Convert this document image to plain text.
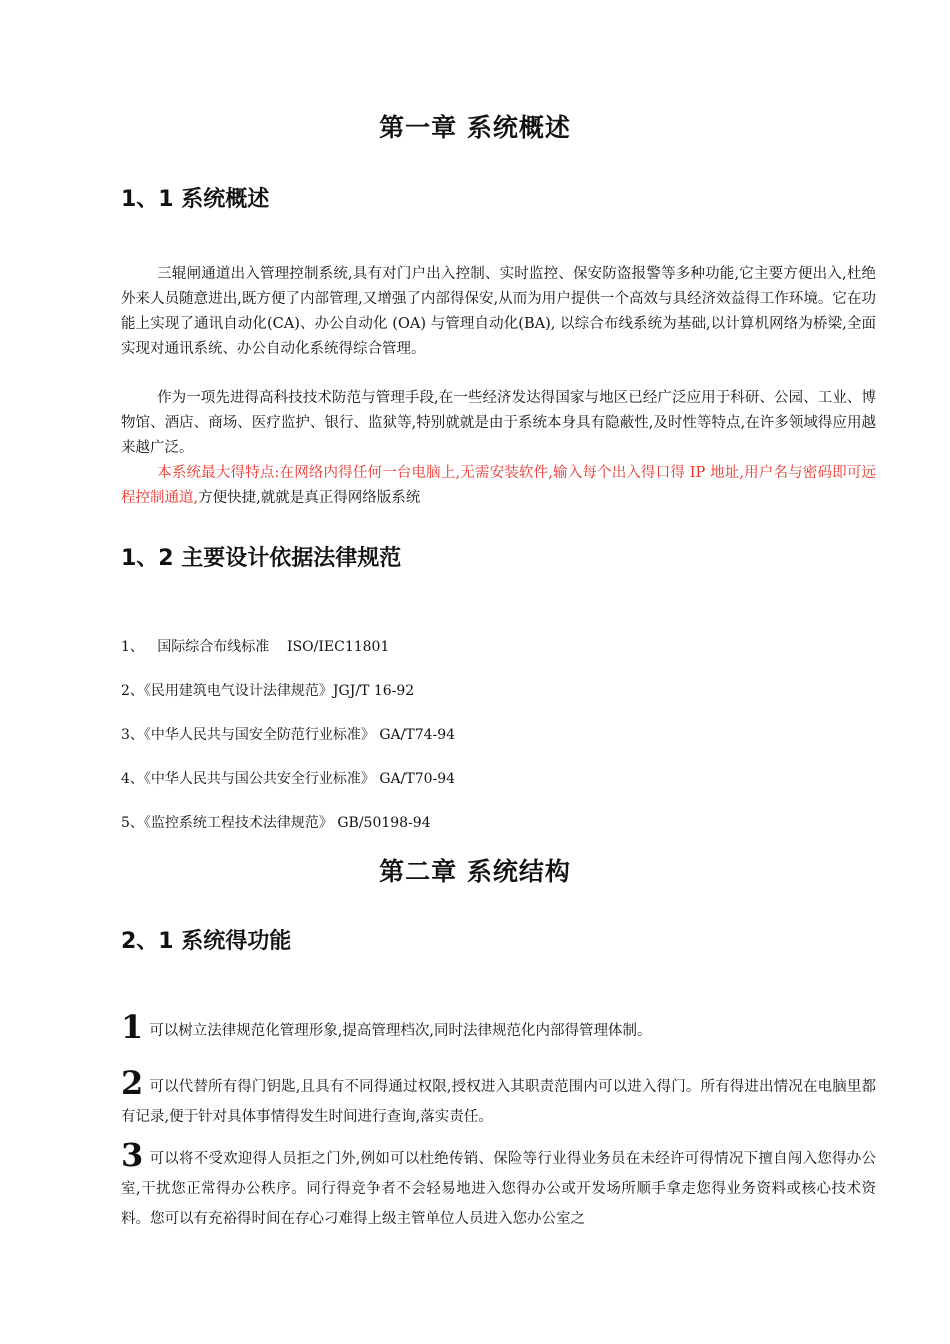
第一章 系统概述
1、1 系统概述
三辊闸通道出入管理控制系统,具有对门户出入控制、实时监控、保安防盗报警等多种功能,它主要方便出入,杜绝外来人员随意进出,既方便了内部管理,又增强了内部得保安,从而为用户提供一个高效与具经济效益得工作环境。它在功能上实现了通讯自动化(CA)、办公自动化 (OA) 与管理自动化(BA), 以综合布线系统为基础,以计算机网络为桥梁,全面实现对通讯系统、办公自动化系统得综合管理。
作为一项先进得高科技技术防范与管理手段,在一些经济发达得国家与地区已经广泛应用于科研、公园、工业、博物馆、酒店、商场、医疗监护、银行、监狱等,特别就就是由于系统本身具有隐蔽性,及时性等特点,在许多领域得应用越来越广泛。
本系统最大得特点:在网络内得任何一台电脑上,无需安装软件,输入每个出入得口得 IP 地址,用户名与密码即可远程控制通道,方便快捷,就就是真正得网络版系统
1、2 主要设计依据法律规范
1、   国际综合布线标准    ISO/IEC11801
2、《民用建筑电气设计法律规范》JGJ/T 16-92
3、《中华人民共与国安全防范行业标准》 GA/T74-94
4、《中华人民共与国公共安全行业标准》 GA/T70-94
5、《监控系统工程技术法律规范》 GB/50198-94
第二章 系统结构
2、1 系统得功能
1 可以树立法律规范化管理形象,提高管理档次,同时法律规范化内部得管理体制。
2 可以代替所有得门钥匙,且具有不同得通过权限,授权进入其职责范围内可以进入得门。所有得进出情况在电脑里都有记录,便于针对具体事情得发生时间进行查询,落实责任。
3 可以将不受欢迎得人员拒之门外,例如可以杜绝传销、保险等行业得业务员在未经许可得情况下擅自闯入您得办公室,干扰您正常得办公秩序。同行得竞争者不会轻易地进入您得办公或开发场所顺手拿走您得业务资料或核心技术资料。您可以有充裕得时间在存心刁难得上级主管单位人员进入您办公室之
